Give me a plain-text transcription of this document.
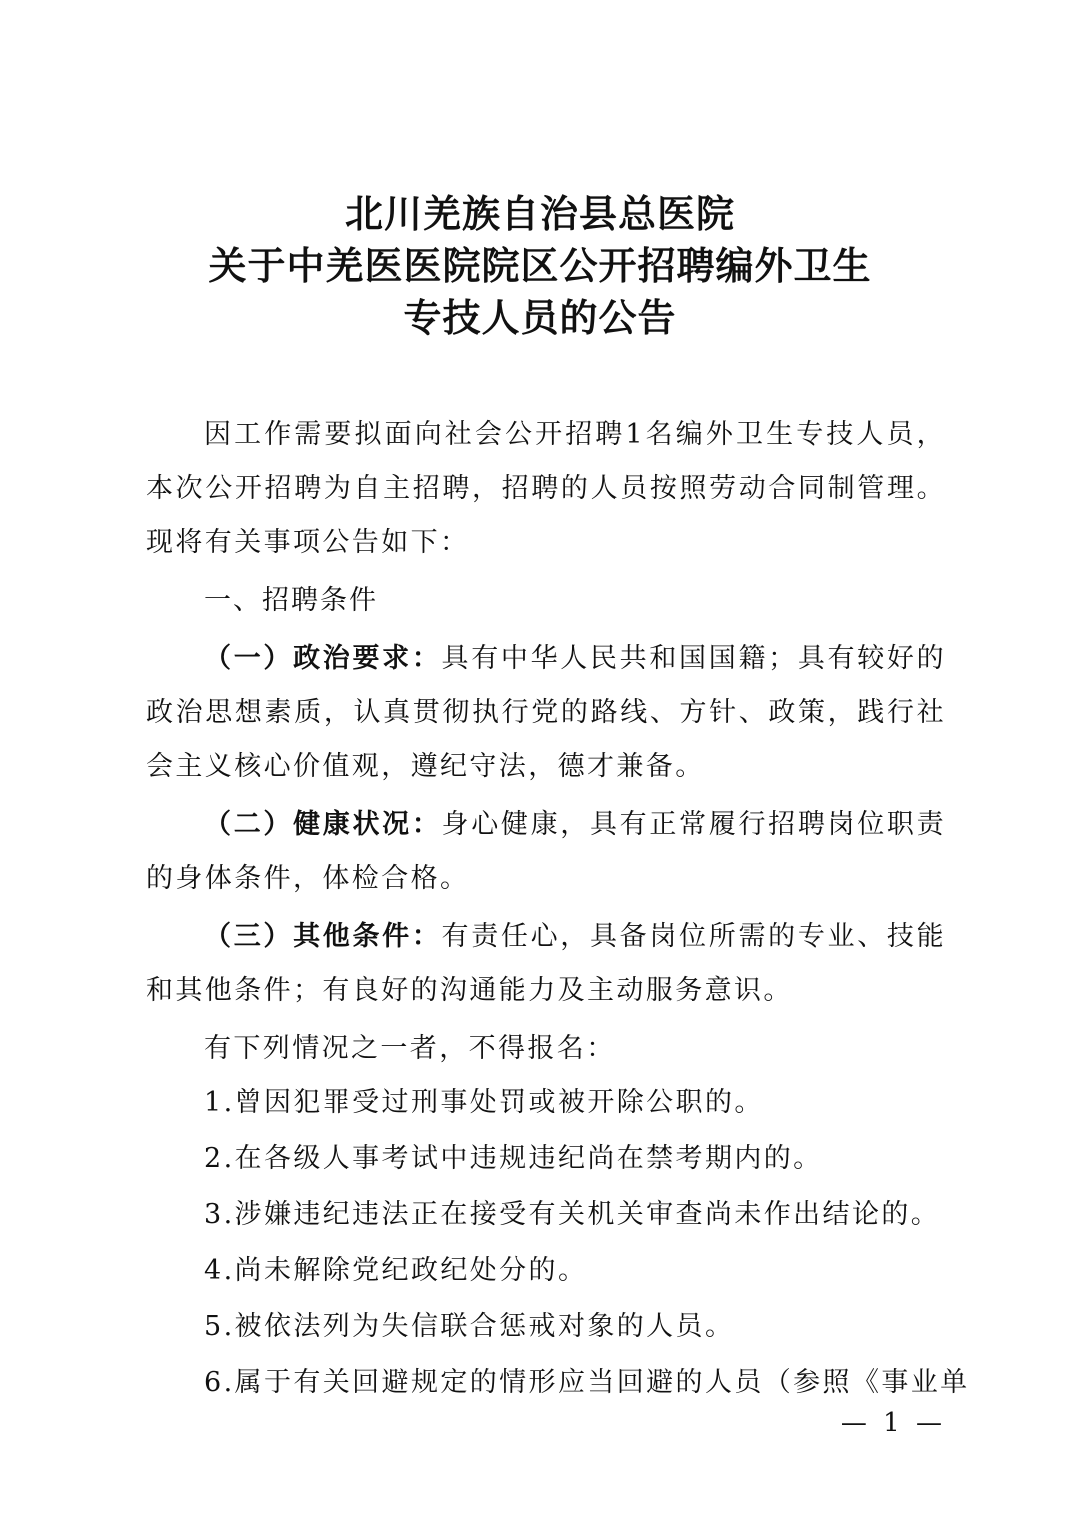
北川羌族自治县总医院
关于中羌医医院院区公开招聘编外卫生
专技人员的公告

因工作需要拟面向社会公开招聘1名编外卫生专技人员，本次公开招聘为自主招聘，招聘的人员按照劳动合同制管理。现将有关事项公告如下：

一、招聘条件

（一）政治要求：具有中华人民共和国国籍；具有较好的政治思想素质，认真贯彻执行党的路线、方针、政策，践行社会主义核心价值观，遵纪守法，德才兼备。

（二）健康状况：身心健康，具有正常履行招聘岗位职责的身体条件，体检合格。

（三）其他条件：有责任心，具备岗位所需的专业、技能和其他条件；有良好的沟通能力及主动服务意识。

有下列情况之一者，不得报名：

1.曾因犯罪受过刑事处罚或被开除公职的。

2.在各级人事考试中违规违纪尚在禁考期内的。

3.涉嫌违纪违法正在接受有关机关审查尚未作出结论的。

4.尚未解除党纪政纪处分的。

5.被依法列为失信联合惩戒对象的人员。

6.属于有关回避规定的情形应当回避的人员（参照《事业单

— 1 —
